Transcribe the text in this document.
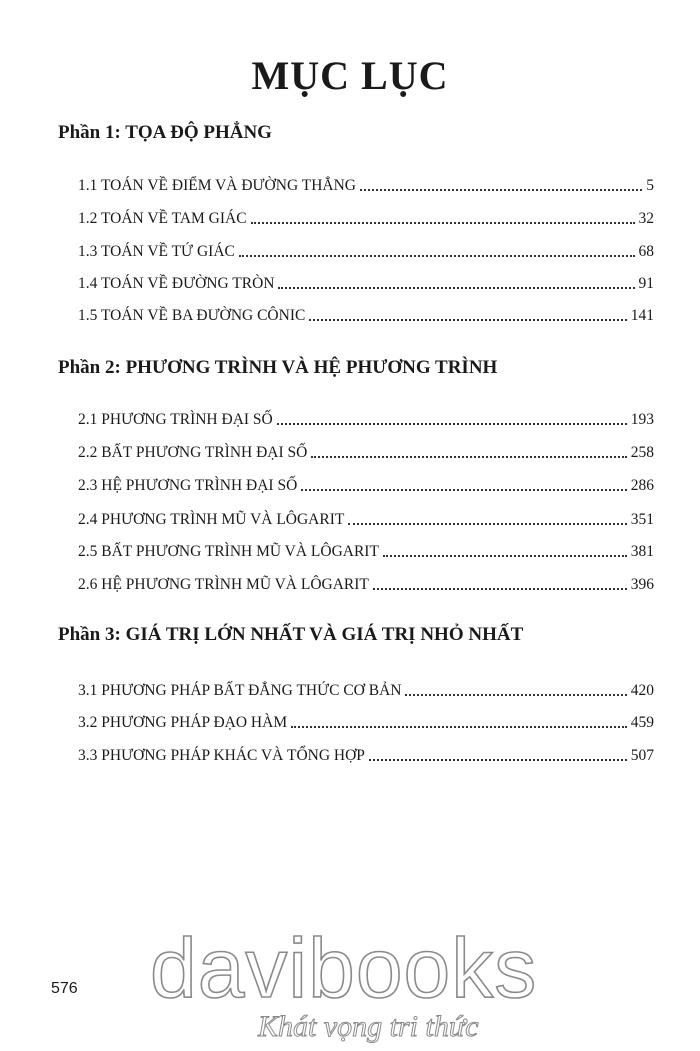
MỤC LỤC
Phần 1: TỌA ĐỘ PHẲNG
1.1 TOÁN VỀ ĐIỂM VÀ ĐƯỜNG THẲNG	5
1.2 TOÁN VỀ TAM GIÁC	32
1.3 TOÁN VỀ TỨ GIÁC	68
1.4 TOÁN VỀ ĐƯỜNG TRÒN	91
1.5 TOÁN VỀ BA ĐƯỜNG CÔNIC	141
Phần 2: PHƯƠNG TRÌNH VÀ HỆ PHƯƠNG TRÌNH
2.1 PHƯƠNG TRÌNH ĐẠI SỐ	193
2.2 BẤT PHƯƠNG TRÌNH ĐẠI SỐ	258
2.3 HỆ PHƯƠNG TRÌNH ĐẠI SỐ	286
2.4 PHƯƠNG TRÌNH MŨ VÀ LÔGARIT	351
2.5 BẤT PHƯƠNG TRÌNH MŨ VÀ LÔGARIT	381
2.6 HỆ PHƯƠNG TRÌNH MŨ VÀ LÔGARIT	396
Phần 3: GIÁ TRỊ LỚN NHẤT VÀ GIÁ TRỊ NHỎ NHẤT
3.1 PHƯƠNG PHÁP BẤT ĐẲNG THỨC CƠ BẢN	420
3.2 PHƯƠNG PHÁP ĐẠO HÀM	459
3.3 PHƯƠNG PHÁP KHÁC VÀ TỔNG HỢP	507
davibooks
Khát vọng tri thức
576
